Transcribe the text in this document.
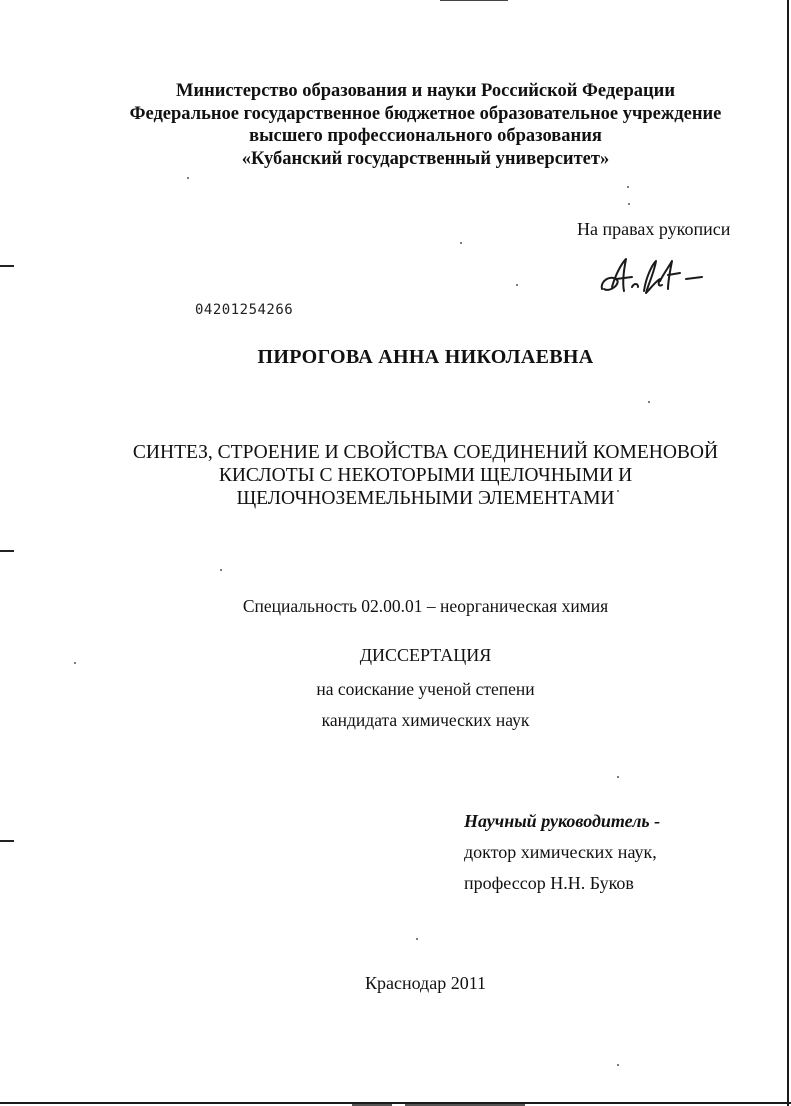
Министерство образования и науки Российской Федерации
Федеральное государственное бюджетное образовательное учреждение
высшего профессионального образования
«Кубанский государственный университет»
На правах рукописи
04201254266
ПИРОГОВА АННА НИКОЛАЕВНА
СИНТЕЗ, СТРОЕНИЕ И СВОЙСТВА СОЕДИНЕНИЙ КОМЕНОВОЙ
КИСЛОТЫ С НЕКОТОРЫМИ ЩЕЛОЧНЫМИ И
ЩЕЛОЧНОЗЕМЕЛЬНЫМИ ЭЛЕМЕНТАМИ
Специальность 02.00.01 – неорганическая химия
ДИССЕРТАЦИЯ
на соискание ученой степени
кандидата химических наук
Научный руководитель -
доктор химических наук,
профессор Н.Н. Буков
Краснодар 2011
